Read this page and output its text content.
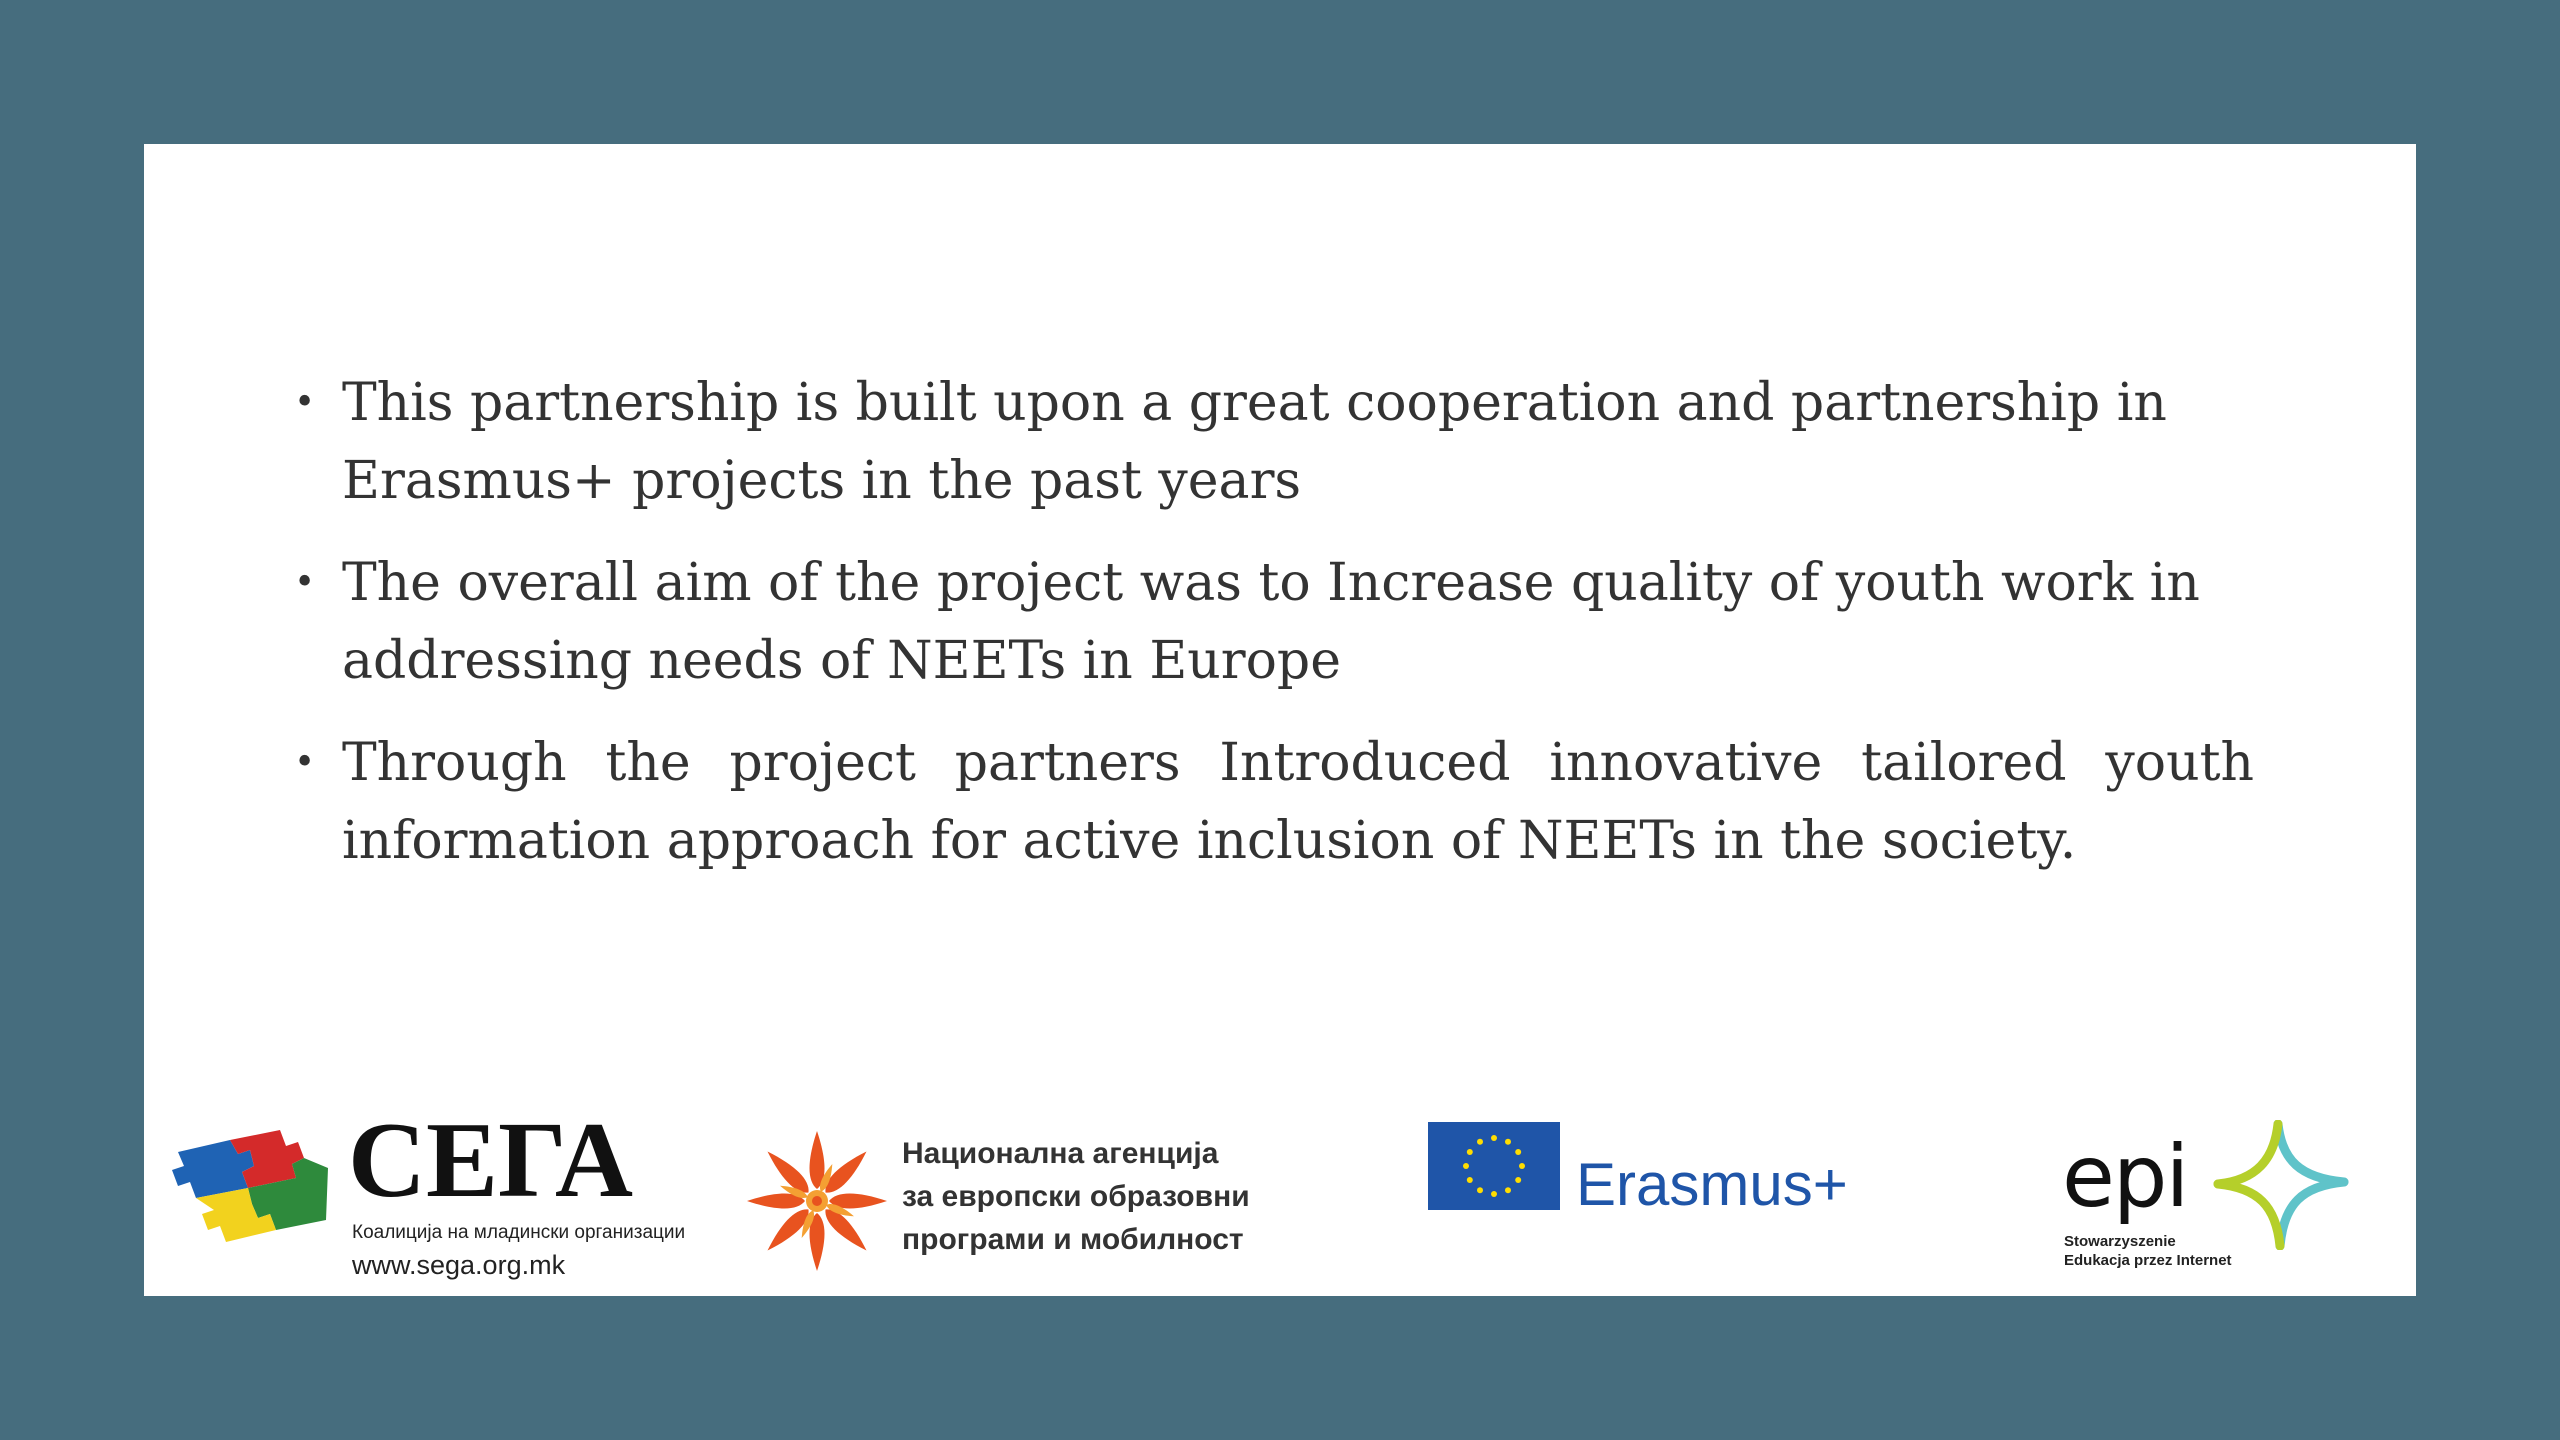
• This partnership is built upon a great cooperation and partnership in Erasmus+ projects in the past years
• The overall aim of the project was to Increase quality of youth work in addressing needs of NEETs in Europe
• Through the project partners Introduced innovative tailored youth information approach for active inclusion of NEETs in the society.
СЕГА
Коалиција на младински организации
www.sega.org.mk
Национална агенција
за европски образовни
програми и мобилност
Erasmus+ epi
Stowarzyszenie
Edukacja przez Internet
